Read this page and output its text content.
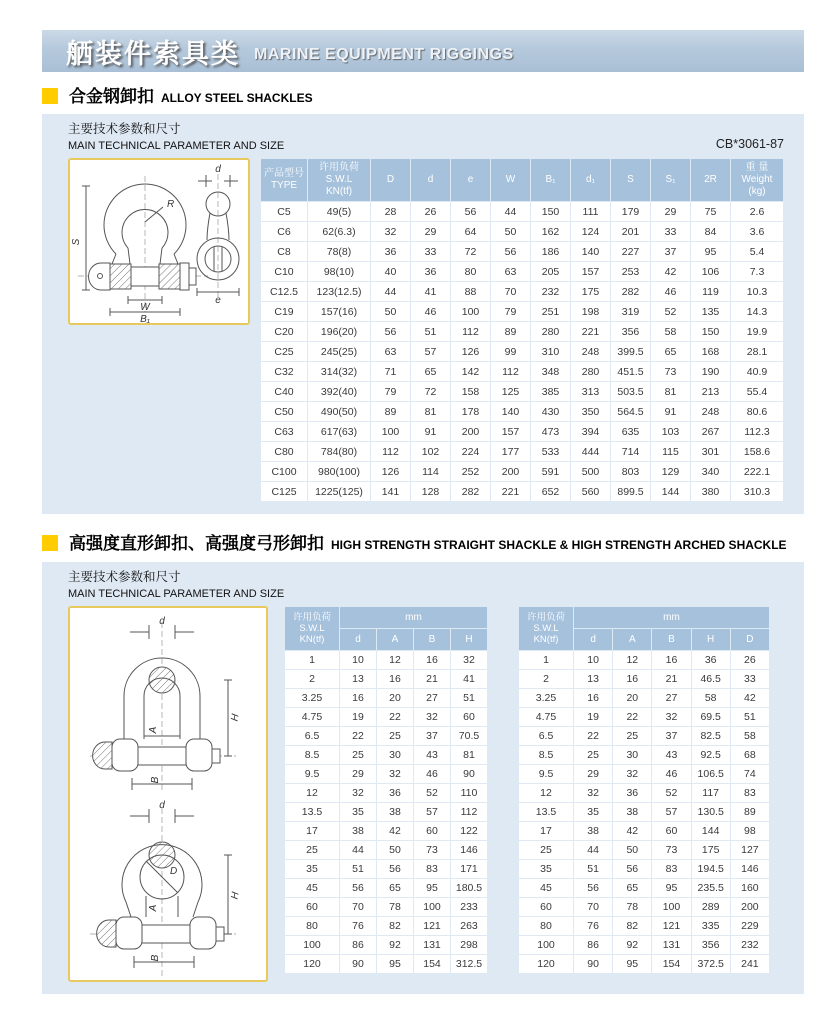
舾装件索具类 MARINE EQUIPMENT RIGGINGS
合金钢卸扣 ALLOY STEEL SHACKLES
主要技术参数和尺寸
MAIN TECHNICAL PARAMETER AND SIZE	CB*3061-87
S
R
W
B₁
d
e
产品型号
TYPE

许用负荷
S.W.L
KN(tf)

D	d	e	W	B₁	d₁	S	S₁	2R

重 量
Weight
(kg)

C5	49(5)	28	26	56	44	150	111	179	29	75	2.6
C6	62(6.3)	32	29	64	50	162	124	201	33	84	3.6
C8	78(8)	36	33	72	56	186	140	227	37	95	5.4
C10	98(10)	40	36	80	63	205	157	253	42	106	7.3
C12.5	123(12.5)	44	41	88	70	232	175	282	46	119	10.3
C19	157(16)	50	46	100	79	251	198	319	52	135	14.3
C20	196(20)	56	51	112	89	280	221	356	58	150	19.9
C25	245(25)	63	57	126	99	310	248	399.5	65	168	28.1
C32	314(32)	71	65	142	112	348	280	451.5	73	190	40.9
C40	392(40)	79	72	158	125	385	313	503.5	81	213	55.4
C50	490(50)	89	81	178	140	430	350	564.5	91	248	80.6
C63	617(63)	100	91	200	157	473	394	635	103	267	112.3
C80	784(80)	112	102	224	177	533	444	714	115	301	158.6
C100	980(100)	126	114	252	200	591	500	803	129	340	222.1
C125	1225(125)	141	128	282	221	652	560	899.5	144	380	310.3
高强度直形卸扣、高强度弓形卸扣 HIGH STRENGTH STRAIGHT SHACKLE & HIGH STRENGTH ARCHED SHACKLE
主要技术参数和尺寸
MAIN TECHNICAL PARAMETER AND SIZE
d
H
A
B
d
D
H
A
B
许用负荷
S.W.L
KN(tf)	mm			

	d	A	B	H

1	10	12	16	32
2	13	16	21	41
3.25	16	20	27	51
4.75	19	22	32	60
6.5	22	25	37	70.5
8.5	25	30	43	81
9.5	29	32	46	90
12	32	36	52	110
13.5	35	38	57	112
17	38	42	60	122
25	44	50	73	146
35	51	56	83	171
45	56	65	95	180.5
60	70	78	100	233
80	76	82	121	263
100	86	92	131	298
120	90	95	154	312.5
许用负荷
S.W.L
KN(tf)	mm				

	d	A	B	H	D

1	10	12	16	36	26
2	13	16	21	46.5	33
3.25	16	20	27	58	42
4.75	19	22	32	69.5	51
6.5	22	25	37	82.5	58
8.5	25	30	43	92.5	68
9.5	29	32	46	106.5	74
12	32	36	52	117	83
13.5	35	38	57	130.5	89
17	38	42	60	144	98
25	44	50	73	175	127
35	51	56	83	194.5	146
45	56	65	95	235.5	160
60	70	78	100	289	200
80	76	82	121	335	229
100	86	92	131	356	232
120	90	95	154	372.5	241
